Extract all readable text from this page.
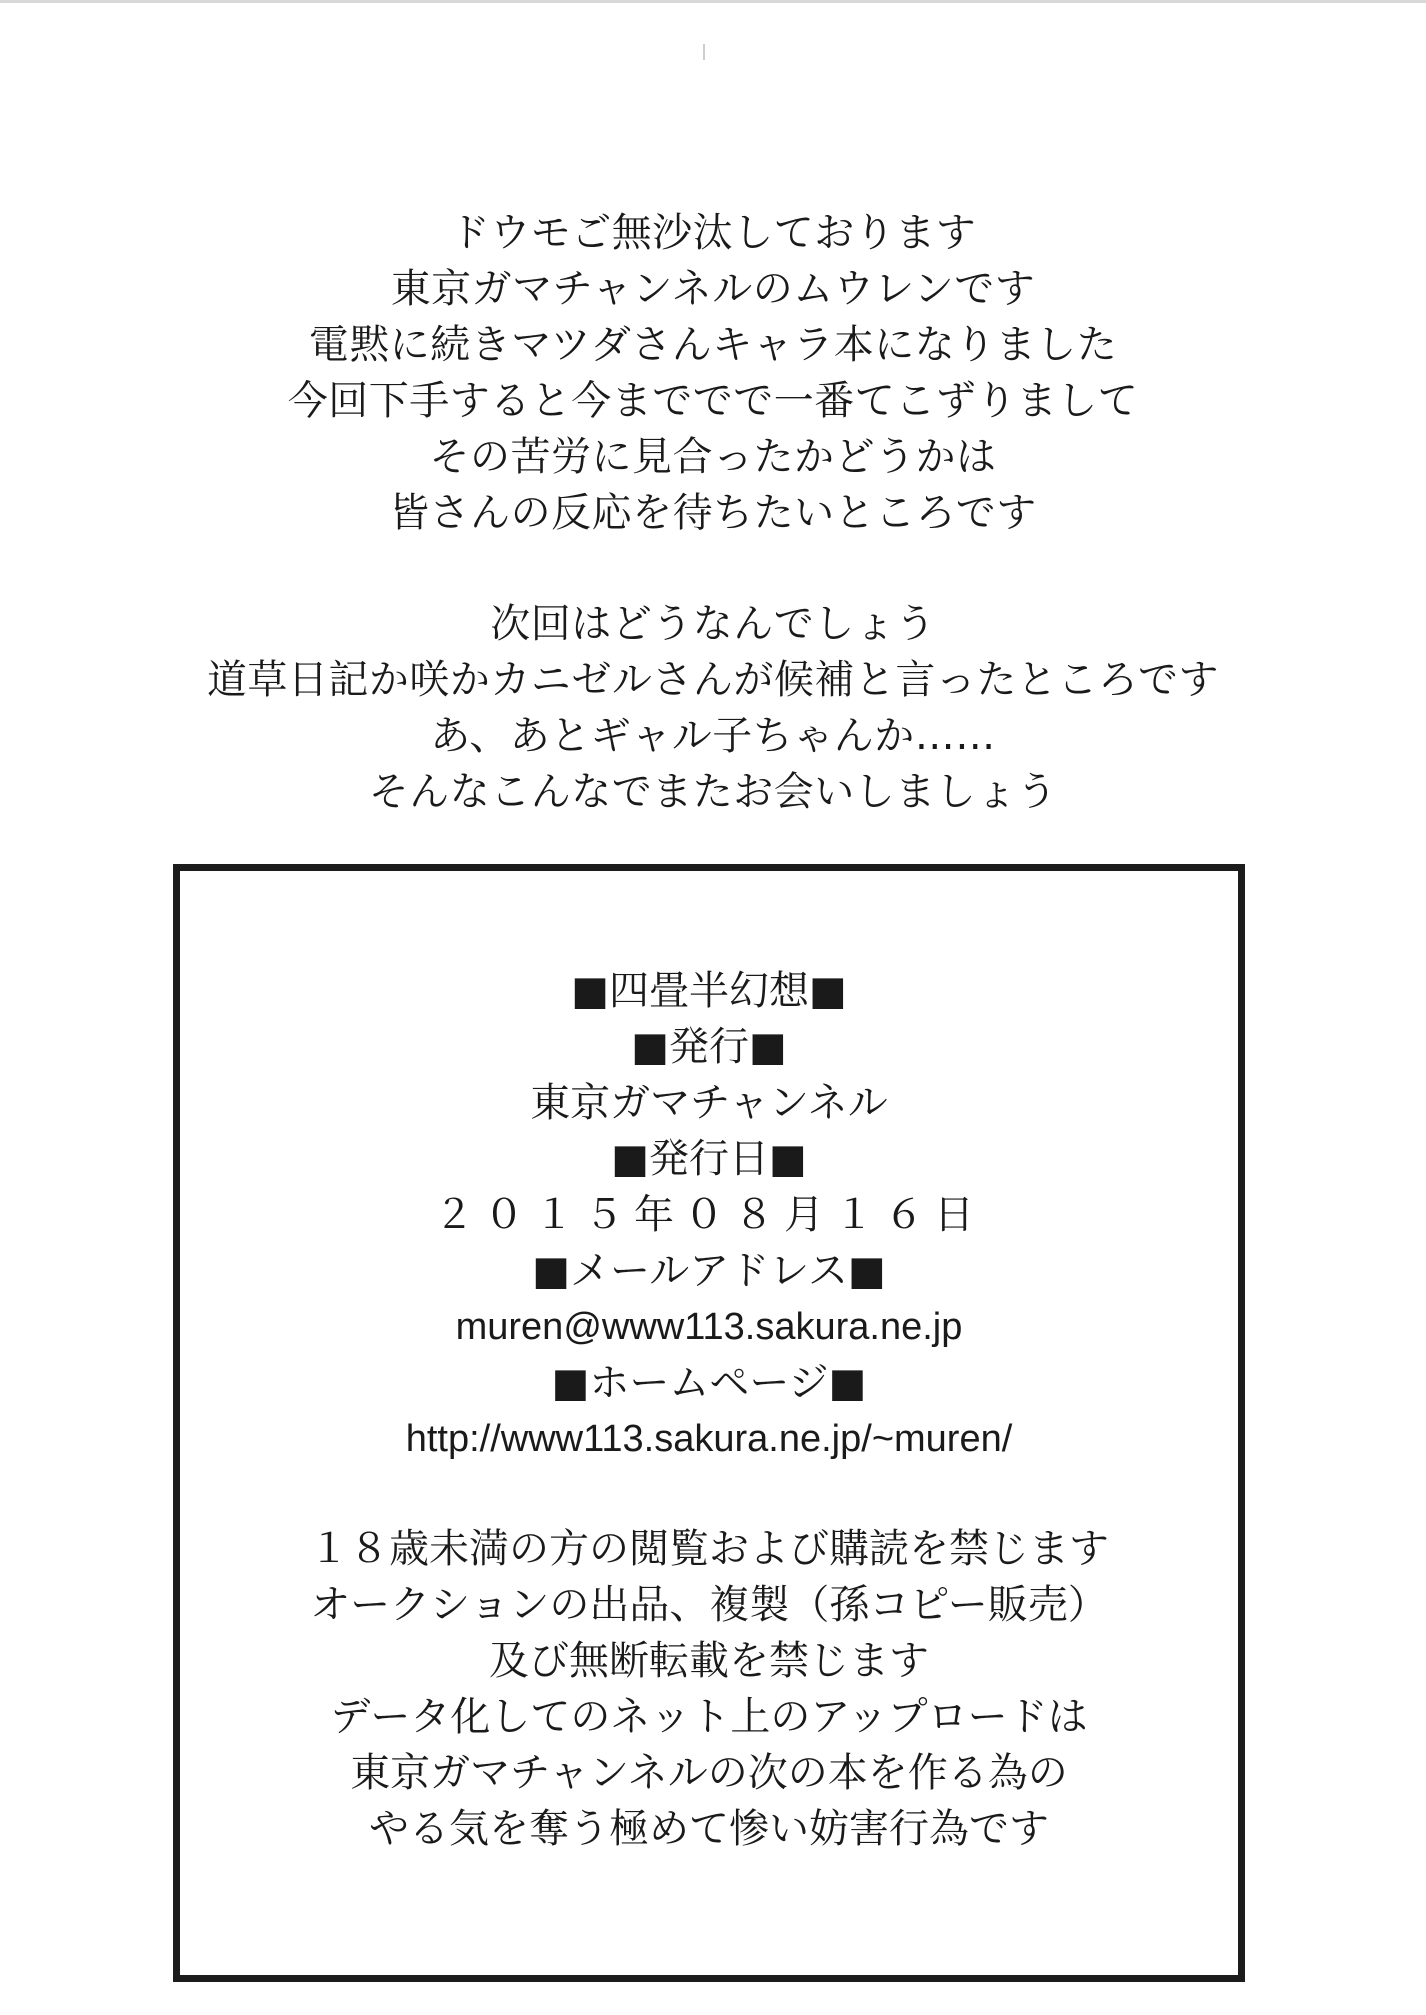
ドウモご無沙汰しております
東京ガマチャンネルのムウレンです
電黙に続きマツダさんキャラ本になりました
今回下手すると今まででで一番てこずりまして
その苦労に見合ったかどうかは
皆さんの反応を待ちたいところです

次回はどうなんでしょう
道草日記か咲かカニゼルさんが候補と言ったところです
あ、あとギャル子ちゃんか……
そんなこんなでまたお会いしましょう

■四畳半幻想■
■発行■
東京ガマチャンネル
■発行日■
２０１５年０８月１６日
■メールアドレス■
muren@www113.sakura.ne.jp
■ホームページ■
http://www113.sakura.ne.jp/~muren/
１８歳未満の方の閲覧および購読を禁じます
オークションの出品、複製（孫コピー販売）
及び無断転載を禁じます
データ化してのネット上のアップロードは
東京ガマチャンネルの次の本を作る為の
やる気を奪う極めて惨い妨害行為です
